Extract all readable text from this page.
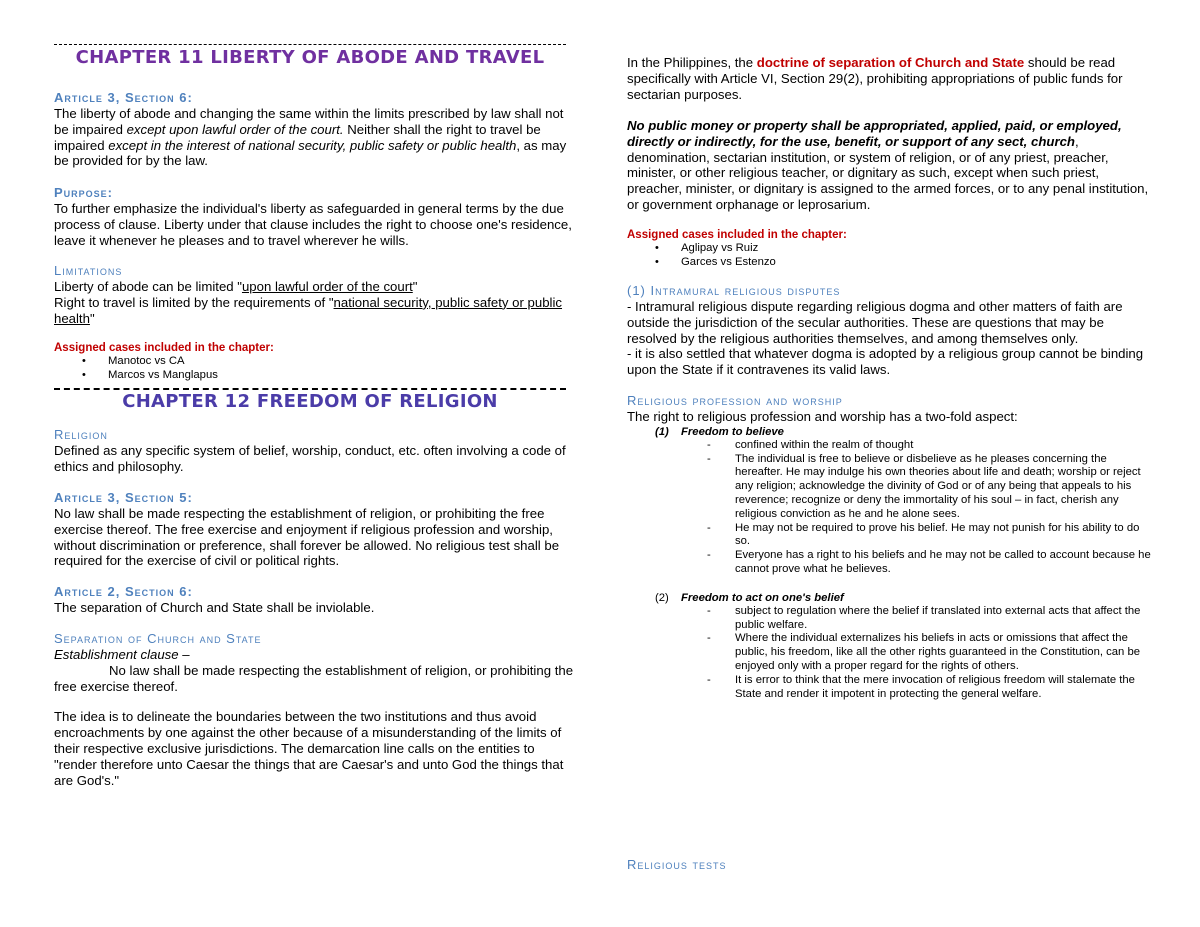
CHAPTER 11 LIBERTY OF ABODE AND TRAVEL

Article 3, Section 6:

The liberty of abode and changing the same within the limits prescribed by law shall not be impaired except upon lawful order of the court. Neither shall the right to travel be impaired except in the interest of national security, public safety or public health, as may be provided for by the law.

Purpose:

To further emphasize the individual's liberty as safeguarded in general terms by the due process of clause. Liberty under that clause includes the right to choose one's residence, leave it whenever he pleases and to travel wherever he wills.

Limitations

Liberty of abode can be limited "upon lawful order of the court"

Right to travel is limited by the requirements of "national security, public safety or public health"

Assigned cases included in the chapter:

• Manotoc vs CA
• Marcos vs Manglapus
CHAPTER 12 FREEDOM OF RELIGION

Religion

Defined as any specific system of belief, worship, conduct, etc. often involving a code of ethics and philosophy.

Article 3, Section 5:

No law shall be made respecting the establishment of religion, or prohibiting the free exercise thereof. The free exercise and enjoyment if religious profession and worship, without discrimination or preference, shall forever be allowed. No religious test shall be required for the exercise of civil or political rights.

Article 2, Section 6:

The separation of Church and State shall be inviolable.

Separation of Church and State

Establishment clause –

No law shall be made respecting the establishment of religion, or prohibiting the free exercise thereof.

The idea is to delineate the boundaries between the two institutions and thus avoid encroachments by one against the other because of a misunderstanding of the limits of their respective exclusive jurisdictions. The demarcation line calls on the entities to "render therefore unto Caesar the things that are Caesar's and unto God the things that are God's."

In the Philippines, the doctrine of separation of Church and State should be read specifically with Article VI, Section 29(2), prohibiting appropriations of public funds for sectarian purposes.

No public money or property shall be appropriated, applied, paid, or employed, directly or indirectly, for the use, benefit, or support of any sect, church, denomination, sectarian institution, or system of religion, or of any priest, preacher, minister, or other religious teacher, or dignitary as such, except when such priest, preacher, minister, or dignitary is assigned to the armed forces, or to any penal institution, or government orphanage or leprosarium.

Assigned cases included in the chapter:

• Aglipay vs Ruiz
• Garces vs Estenzo

(1) Intramural religious disputes

- Intramural religious dispute regarding religious dogma and other matters of faith are outside the jurisdiction of the secular authorities. These are questions that may be resolved by the religious authorities themselves, and among themselves only.

- it is also settled that whatever dogma is adopted by a religious group cannot be binding upon the State if it contravenes its valid laws.

Religious profession and worship

The right to religious profession and worship has a two-fold aspect:

(1) Freedom to believe
- confined within the realm of thought
- The individual is free to believe or disbelieve as he pleases concerning the hereafter. He may indulge his own theories about life and death; worship or reject any religion; acknowledge the divinity of God or of any being that appeals to his reverence; recognize or deny the immortality of his soul – in fact, cherish any religious conviction as he and he alone sees.
- He may not be required to prove his belief. He may not punish for his ability to do so.
- Everyone has a right to his beliefs and he may not be called to account because he cannot prove what he believes.
(2) Freedom to act on one's belief
- subject to regulation where the belief if translated into external acts that affect the public welfare.
- Where the individual externalizes his beliefs in acts or omissions that affect the public, his freedom, like all the other rights guaranteed in the Constitution, can be enjoyed only with a proper regard for the rights of others.
- It is error to think that the mere invocation of religious freedom will stalemate the State and render it impotent in protecting the general welfare.

Religious tests
